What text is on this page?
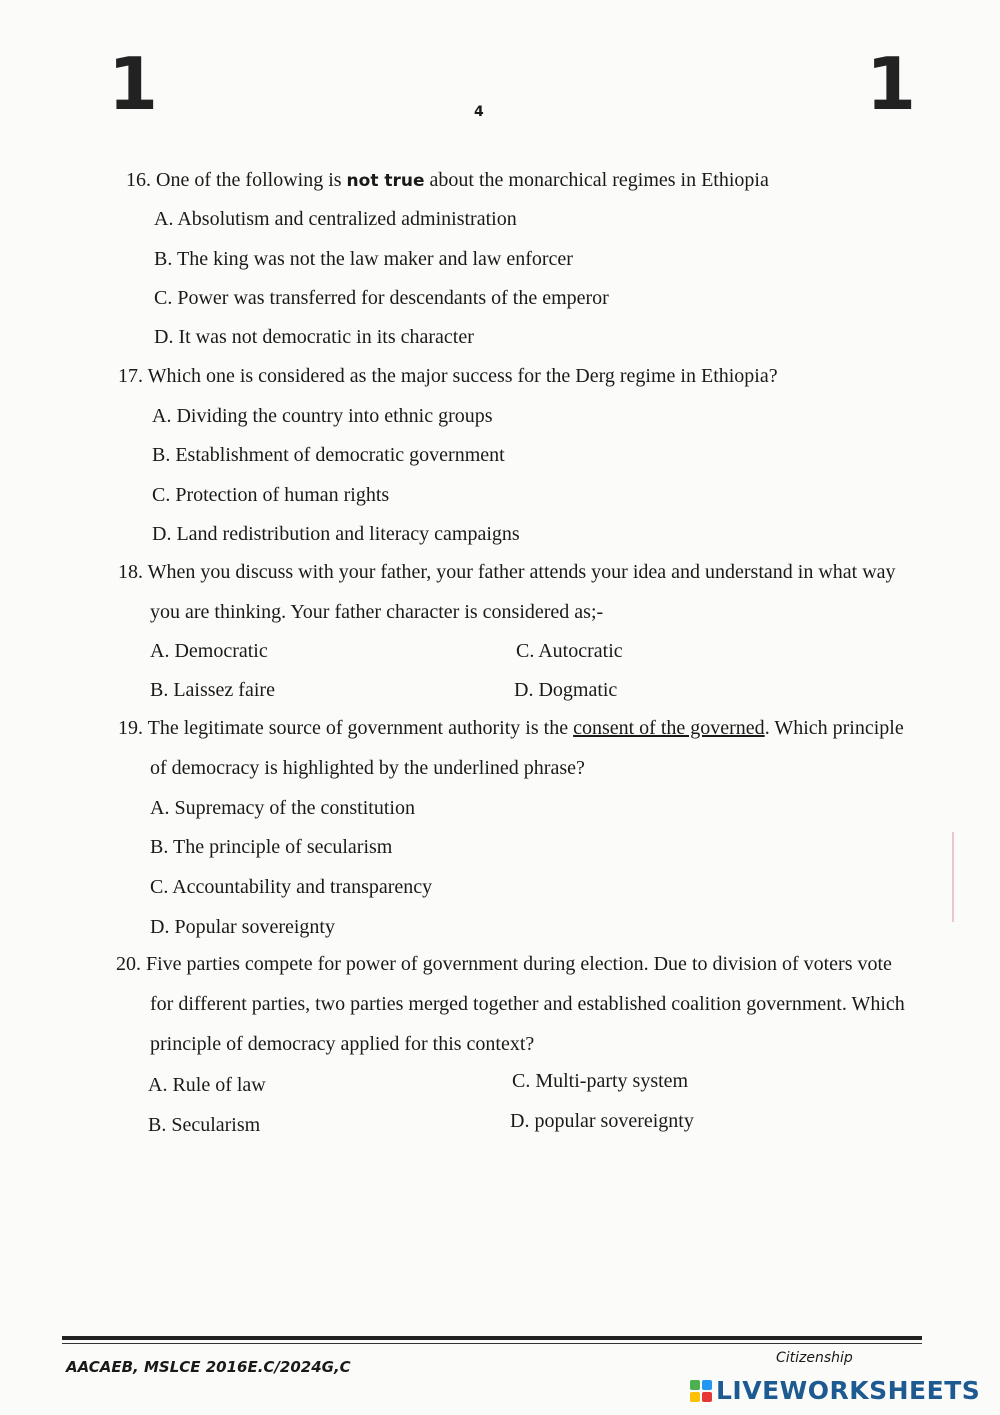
1	1
4
16. One of the following is not true about the monarchical regimes in Ethiopia
A. Absolutism and centralized administration
B. The king was not the law maker and law enforcer
C. Power was transferred for descendants of the emperor
D. It was not democratic in its character
17. Which one is considered as the major success for the Derg regime in Ethiopia?
A. Dividing the country into ethnic groups
B. Establishment of democratic government
C. Protection of human rights
D. Land redistribution and literacy campaigns
18. When you discuss with your father, your father attends your idea and understand in what way
you are thinking. Your father character is considered as;-
A. Democratic	C. Autocratic
B. Laissez faire	D. Dogmatic
19. The legitimate source of government authority is the consent of the governed. Which principle
of democracy is highlighted by the underlined phrase?
A. Supremacy of the constitution
B. The principle of secularism
C. Accountability and transparency
D. Popular sovereignty
20. Five parties compete for power of government during election. Due to division of voters vote
for different parties, two parties merged together and established coalition government. Which
principle of democracy applied for this context?
A. Rule of law	C. Multi-party system
B. Secularism	D. popular sovereignty
AACAEB, MSLCE 2016E.C/2024G,C	Citizenship
LIVEWORKSHEETS
